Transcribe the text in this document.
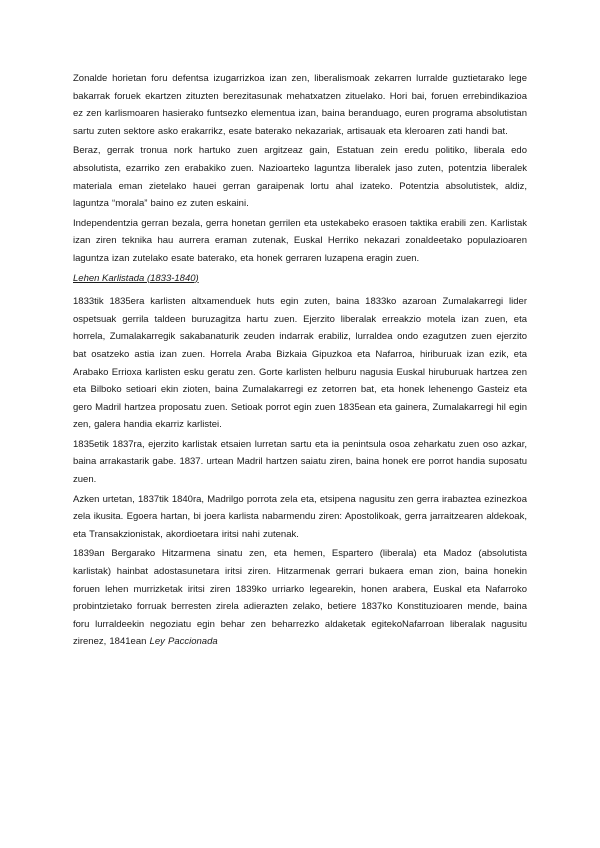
Zonalde horietan foru defentsa izugarrizkoa izan zen, liberalismoak zekarren lurralde guztietarako lege bakarrak foruek ekartzen zituzten berezitasunak mehatxatzen zituelako. Hori bai, foruen errebindikazioa ez zen karlismoaren hasierako funtsezko elementua izan, baina beranduago, euren programa absolutistan sartu zuten sektore asko erakarrikz, esate baterako nekazariak, artisauak eta kleroaren zati handi bat.

Beraz, gerrak tronua nork hartuko zuen argitzeaz gain, Estatuan zein eredu politiko, liberala edo absolutista, ezarriko zen erabakiko zuen. Nazioarteko laguntza liberalek jaso zuten, potentzia liberalek materiala eman zietelako hauei gerran garaipenak lortu ahal izateko. Potentzia absolutistek, aldiz, laguntza “morala” baino ez zuten eskaini.

Independentzia gerran bezala, gerra honetan gerrilen eta ustekabeko erasoen taktika erabili zen. Karlistak izan ziren teknika hau aurrera eraman zutenak, Euskal Herriko nekazari zonaldeetako populazioaren laguntza izan zutelako esate baterako, eta honek gerraren luzapena eragin zuen.

Lehen Karlistada (1833-1840)

1833tik 1835era karlisten altxamenduek huts egin zuten, baina 1833ko azaroan Zumalakarregi lider ospetsuak gerrila taldeen buruzagitza hartu zuen. Ejerzito liberalak erreakzio motela izan zuen, eta horrela, Zumalakarregik sakabanaturik zeuden indarrak erabiliz, lurraldea ondo ezagutzen zuen ejerzito bat osatzeko astia izan zuen. Horrela Araba Bizkaia Gipuzkoa eta Nafarroa, hiriburuak izan ezik, eta Arabako Errioxa karlisten esku geratu zen. Gorte karlisten helburu nagusia Euskal hiruburuak hartzea zen eta Bilboko setioari ekin zioten, baina Zumalakarregi ez zetorren bat, eta honek lehenengo Gasteiz eta gero Madril hartzea proposatu zuen. Setioak porrot egin zuen 1835ean eta gainera, Zumalakarregi hil egin zen, galera handia ekarriz karlistei.

1835etik 1837ra, ejerzito karlistak etsaien lurretan sartu eta ia penintsula osoa zeharkatu zuen oso azkar, baina arrakastarik gabe. 1837. urtean Madril hartzen saiatu ziren, baina honek ere porrot handia suposatu zuen.

Azken urtetan, 1837tik 1840ra, Madrilgo porrota zela eta, etsipena nagusitu zen gerra irabaztea ezinezkoa zela ikusita. Egoera hartan, bi joera karlista nabarmendu ziren: Apostolikoak, gerra jarraitzearen aldekoak, eta Transakzionistak, akordioetara iritsi nahi zutenak.

1839an Bergarako Hitzarmena sinatu zen, eta hemen, Espartero (liberala) eta Madoz (absolutista karlistak) hainbat adostasunetara iritsi ziren. Hitzarmenak gerrari bukaera eman zion, baina honekin foruen lehen murrizketak iritsi ziren 1839ko urriarko legearekin, honen arabera, Euskal eta Nafarroko probintzietako forruak berresten zirela adierazten zelako, betiere 1837ko Konstituzioaren mende, baina foru lurraldeekin negoziatu egin behar zen beharrezko aldaketak egitekoNafarroan liberalak nagusitu zirenez, 1841ean Ley Paccionada
